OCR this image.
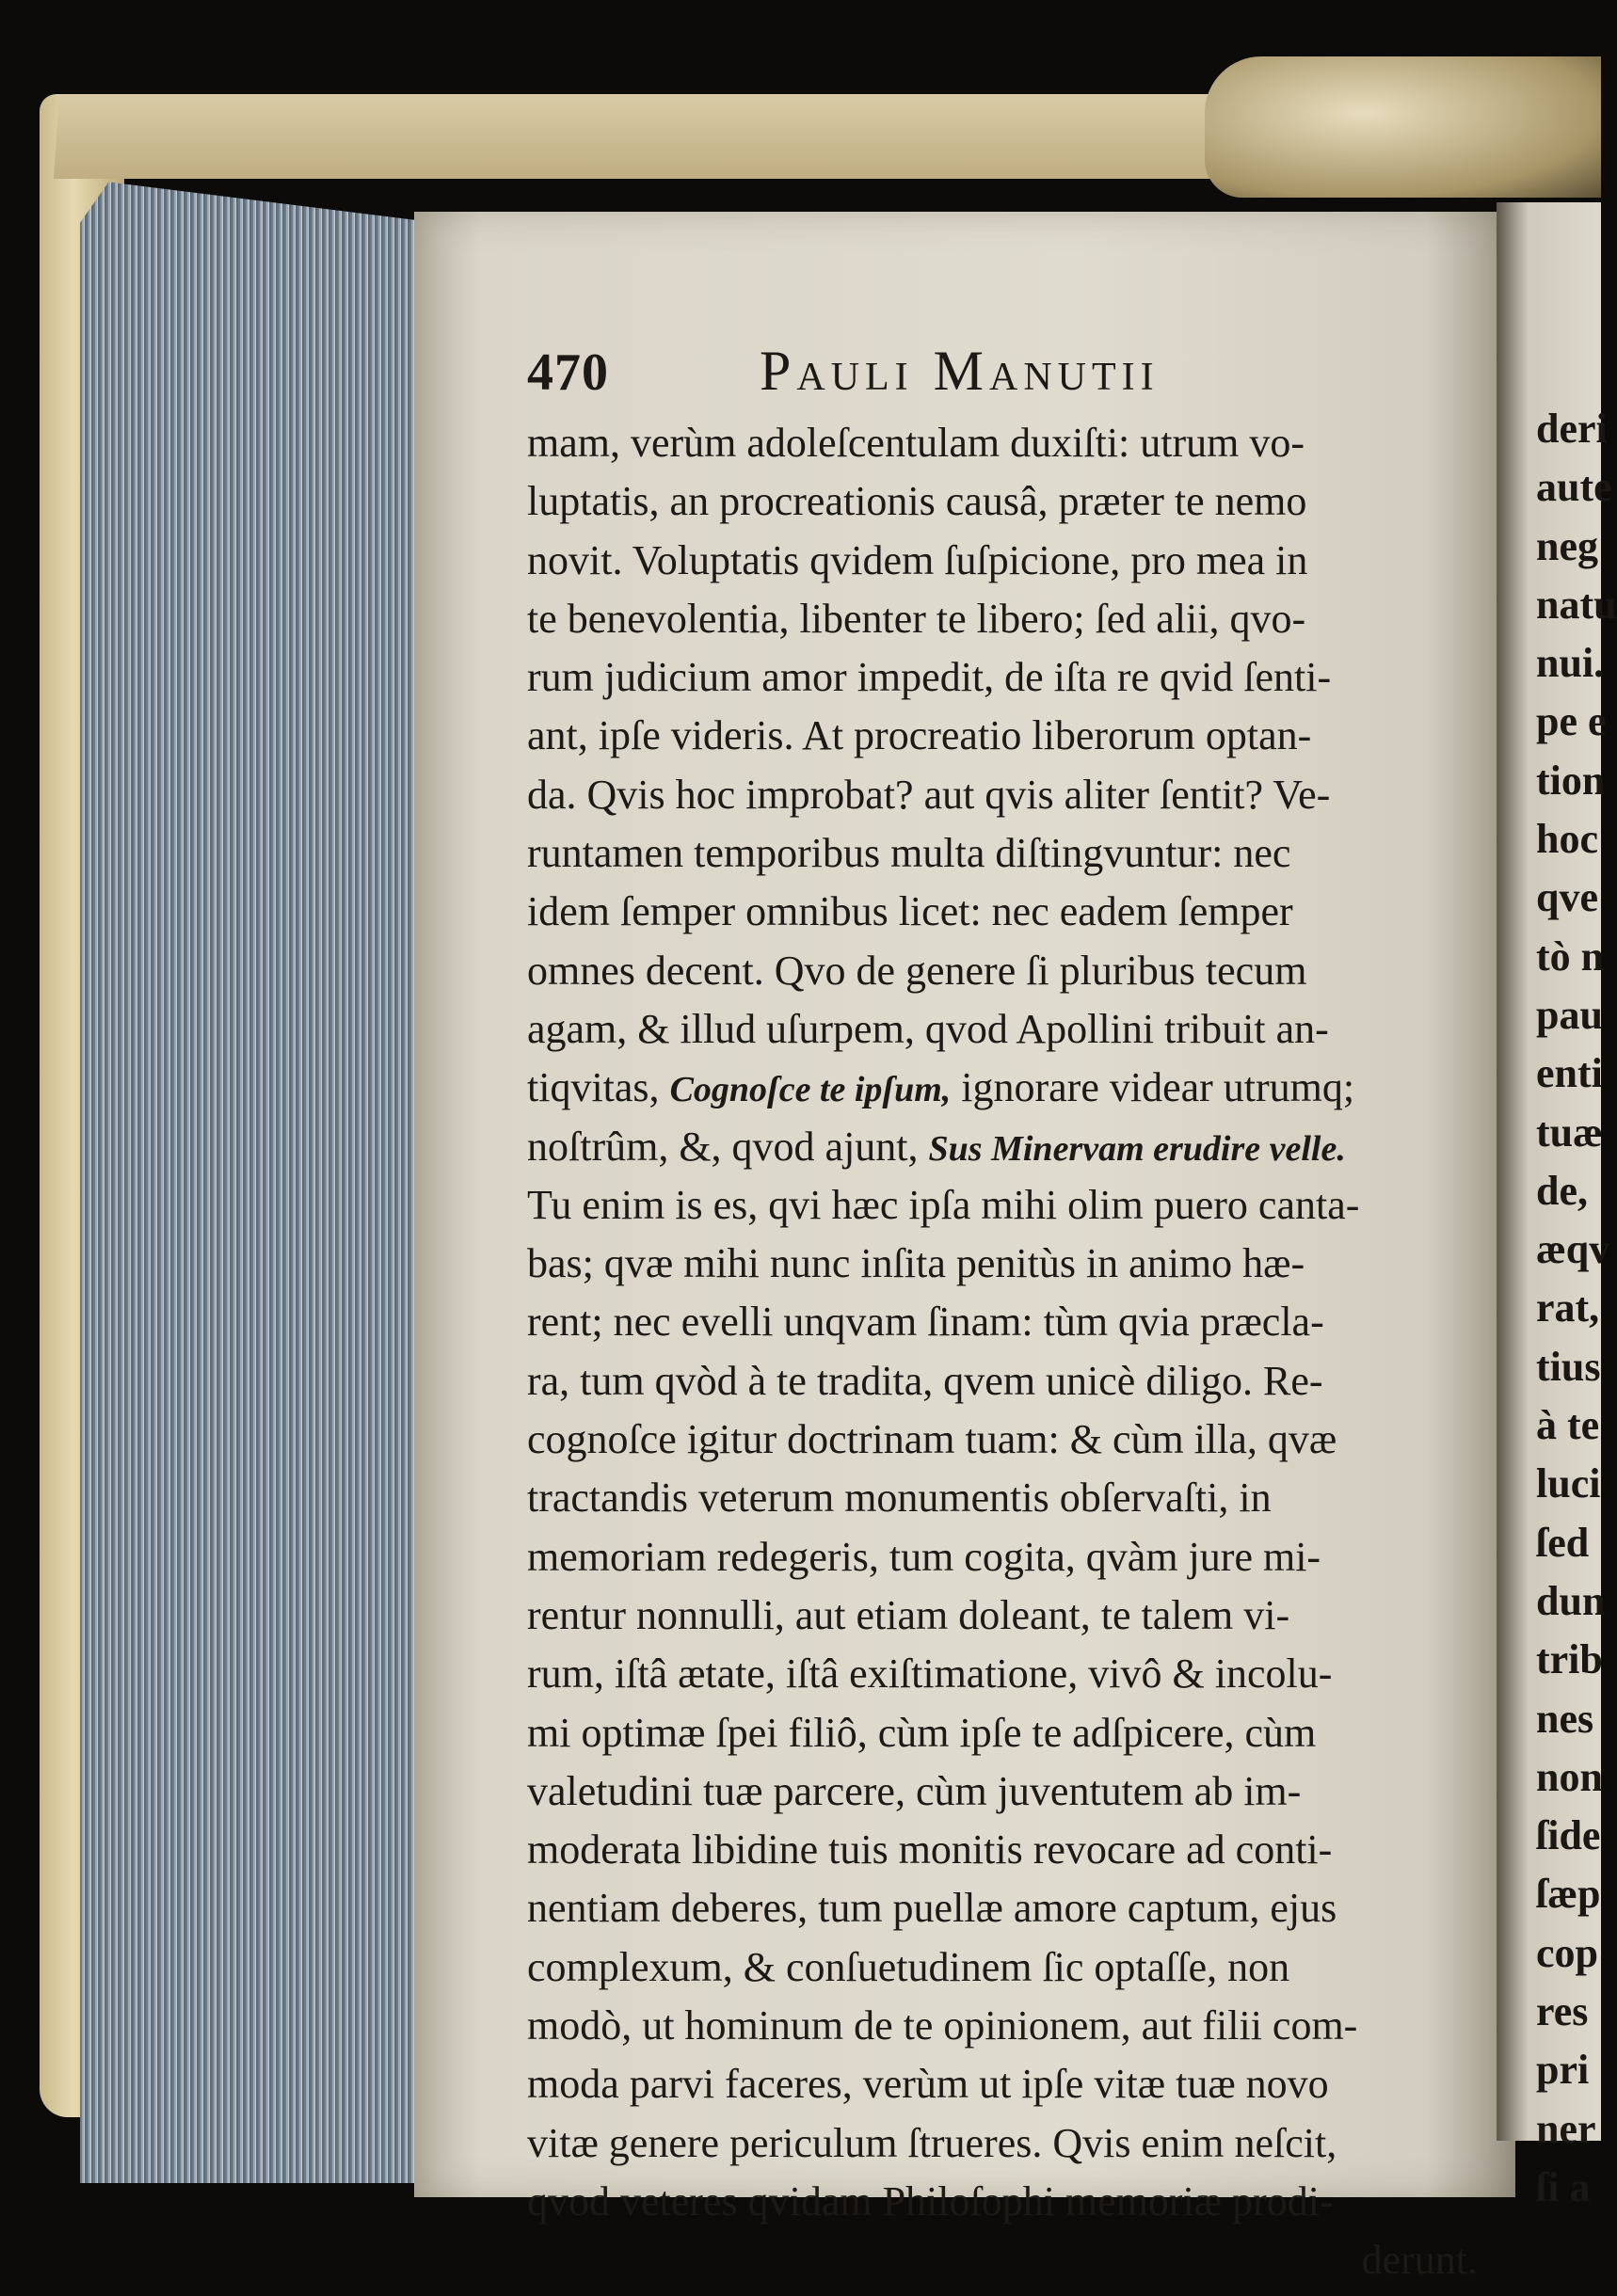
deri
aute
neg
natu
nui.
pe e
tion
hoc
qve
tò n
pau
enti
tuæ
de,
æqv
rat,
tius
à te
luci
ſed
dun
trib
nes
non
ſide
ſæp
cop
res
pri
ner
ſi a
470	Pauli Manutii
mam, verùm adoleſcentulam duxiſti: utrum vo-
luptatis, an procreationis causâ, præter te nemo
novit. Voluptatis qvidem ſuſpicione, pro mea in
te benevolentia, libenter te libero; ſed alii, qvo-
rum judicium amor impedit, de iſta re qvid ſenti-
ant, ipſe videris. At procreatio liberorum optan-
da. Qvis hoc improbat? aut qvis aliter ſentit? Ve-
runtamen temporibus multa diſtingvuntur: nec
idem ſemper omnibus licet: nec eadem ſemper
omnes decent. Qvo de genere ſi pluribus tecum
agam, & illud uſurpem, qvod Apollini tribuit an-
tiqvitas, Cognoſce te ipſum, ignorare videar utrumq;
noſtrûm, &, qvod ajunt, Sus Minervam erudire velle.
Tu enim is es, qvi hæc ipſa mihi olim puero canta-
bas; qvæ mihi nunc inſita penitùs in animo hæ-
rent; nec evelli unqvam ſinam: tùm qvia præcla-
ra, tum qvòd à te tradita, qvem unicè diligo. Re-
cognoſce igitur doctrinam tuam: & cùm illa, qvæ
tractandis veterum monumentis obſervaſti, in
memoriam redegeris, tum cogita, qvàm jure mi-
rentur nonnulli, aut etiam doleant, te talem vi-
rum, iſtâ ætate, iſtâ exiſtimatione, vivô & incolu-
mi optimæ ſpei filiô, cùm ipſe te adſpicere, cùm
valetudini tuæ parcere, cùm juventutem ab im-
moderata libidine tuis monitis revocare ad conti-
nentiam deberes, tum puellæ amore captum, ejus
complexum, & conſuetudinem ſic optaſſe, non
modò, ut hominum de te opinionem, aut filii com-
moda parvi faceres, verùm ut ipſe vitæ tuæ novo
vitæ genere periculum ſtrueres. Qvis enim neſcit,
qvod veteres qvidam Philoſophi memoriæ prodi-
derunt.
